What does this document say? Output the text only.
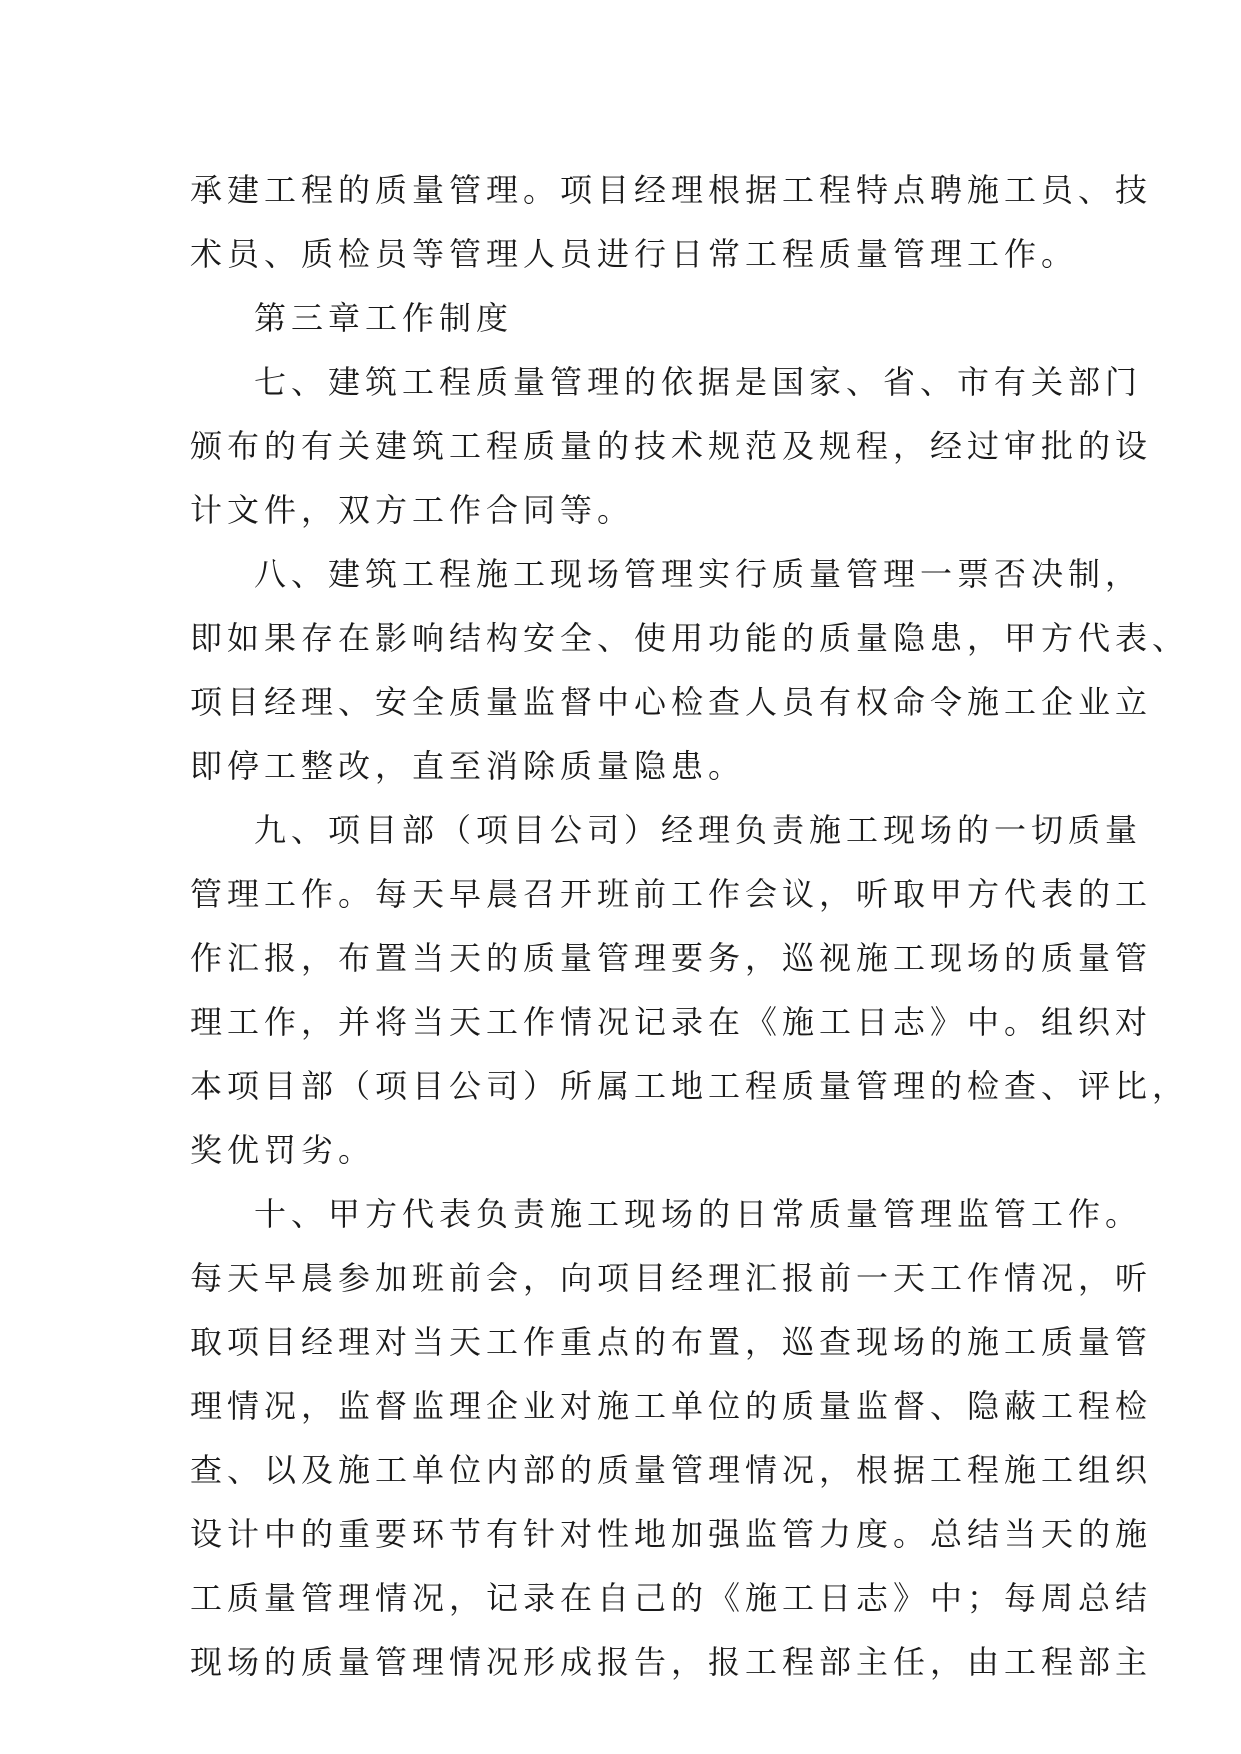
承建工程的质量管理。项目经理根据工程特点聘施工员、技
术员、质检员等管理人员进行日常工程质量管理工作。
第三章工作制度
七、建筑工程质量管理的依据是国家、省、市有关部门
颁布的有关建筑工程质量的技术规范及规程，经过审批的设
计文件，双方工作合同等。
八、建筑工程施工现场管理实行质量管理一票否决制，
即如果存在影响结构安全、使用功能的质量隐患，甲方代表、
项目经理、安全质量监督中心检查人员有权命令施工企业立
即停工整改，直至消除质量隐患。
九、项目部（项目公司）经理负责施工现场的一切质量
管理工作。每天早晨召开班前工作会议，听取甲方代表的工
作汇报，布置当天的质量管理要务，巡视施工现场的质量管
理工作，并将当天工作情况记录在《施工日志》中。组织对
本项目部（项目公司）所属工地工程质量管理的检查、评比，
奖优罚劣。
十、甲方代表负责施工现场的日常质量管理监管工作。
每天早晨参加班前会，向项目经理汇报前一天工作情况，听
取项目经理对当天工作重点的布置，巡查现场的施工质量管
理情况，监督监理企业对施工单位的质量监督、隐蔽工程检
查、以及施工单位内部的质量管理情况，根据工程施工组织
设计中的重要环节有针对性地加强监管力度。总结当天的施
工质量管理情况，记录在自己的《施工日志》中；每周总结
现场的质量管理情况形成报告，报工程部主任，由工程部主
